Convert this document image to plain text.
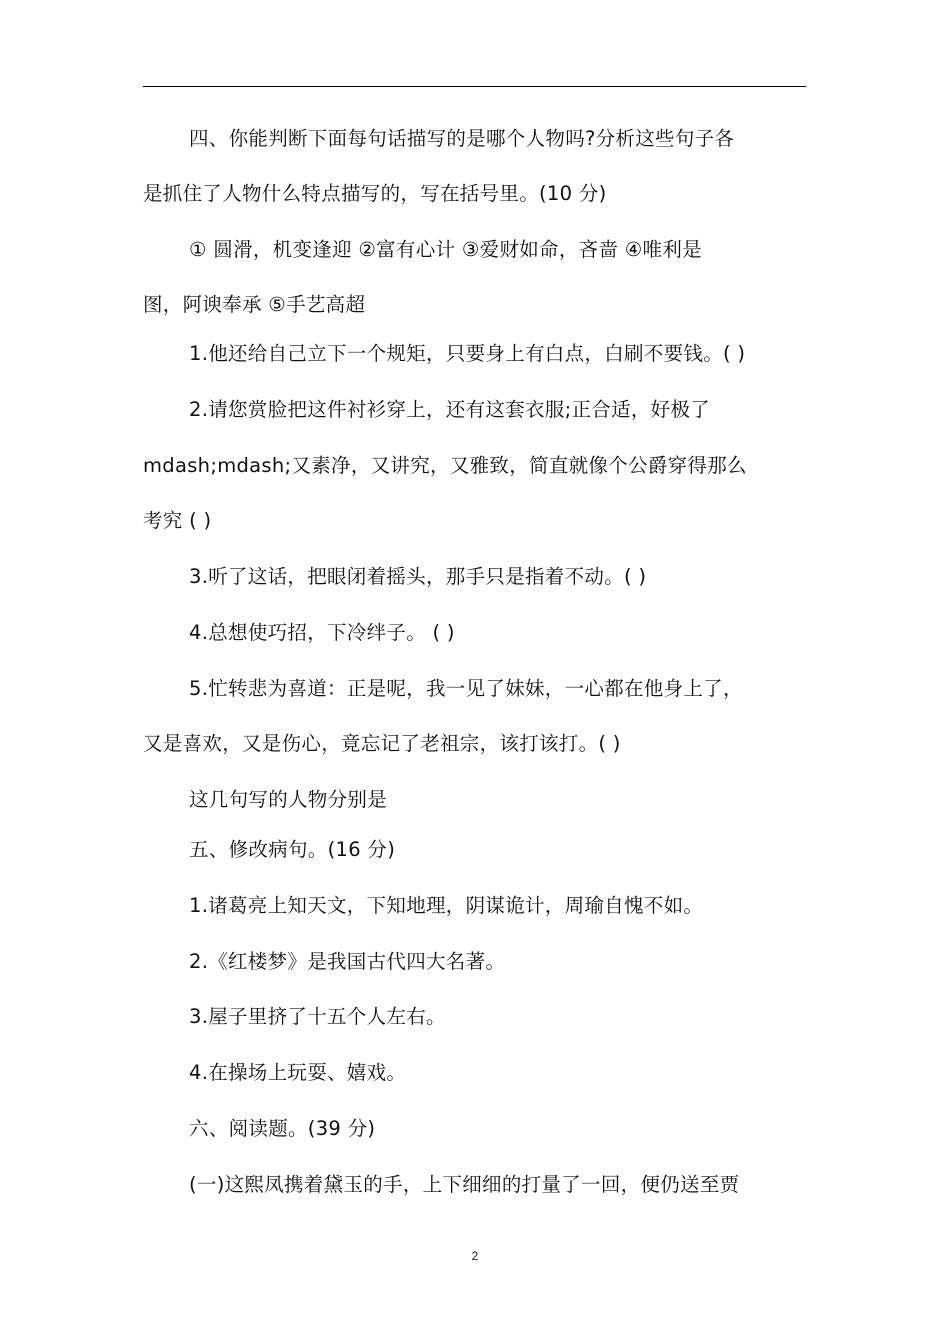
四、你能判断下面每句话描写的是哪个人物吗?分析这些句子各
是抓住了人物什么特点描写的，写在括号里。(10 分)
① 圆滑，机变逢迎 ②富有心计 ③爱财如命，吝啬 ④唯利是
图，阿谀奉承 ⑤手艺高超
1.他还给自己立下一个规矩，只要身上有白点，白刷不要钱。( )
2.请您赏脸把这件衬衫穿上，还有这套衣服;正合适，好极了
mdash;mdash;又素净，又讲究，又雅致，简直就像个公爵穿得那么
考究 ( )
3.听了这话，把眼闭着摇头，那手只是指着不动。( )
4.总想使巧招，下冷绊子。 ( )
5.忙转悲为喜道：正是呢，我一见了妹妹，一心都在他身上了，
又是喜欢，又是伤心，竟忘记了老祖宗，该打该打。( )
这几句写的人物分别是
五、修改病句。(16 分)
1.诸葛亮上知天文，下知地理，阴谋诡计，周瑜自愧不如。
2.《红楼梦》是我国古代四大名著。
3.屋子里挤了十五个人左右。
4.在操场上玩耍、嬉戏。
六、阅读题。(39 分)
(一)这熙凤携着黛玉的手，上下细细的打量了一回，便仍送至贾
2
